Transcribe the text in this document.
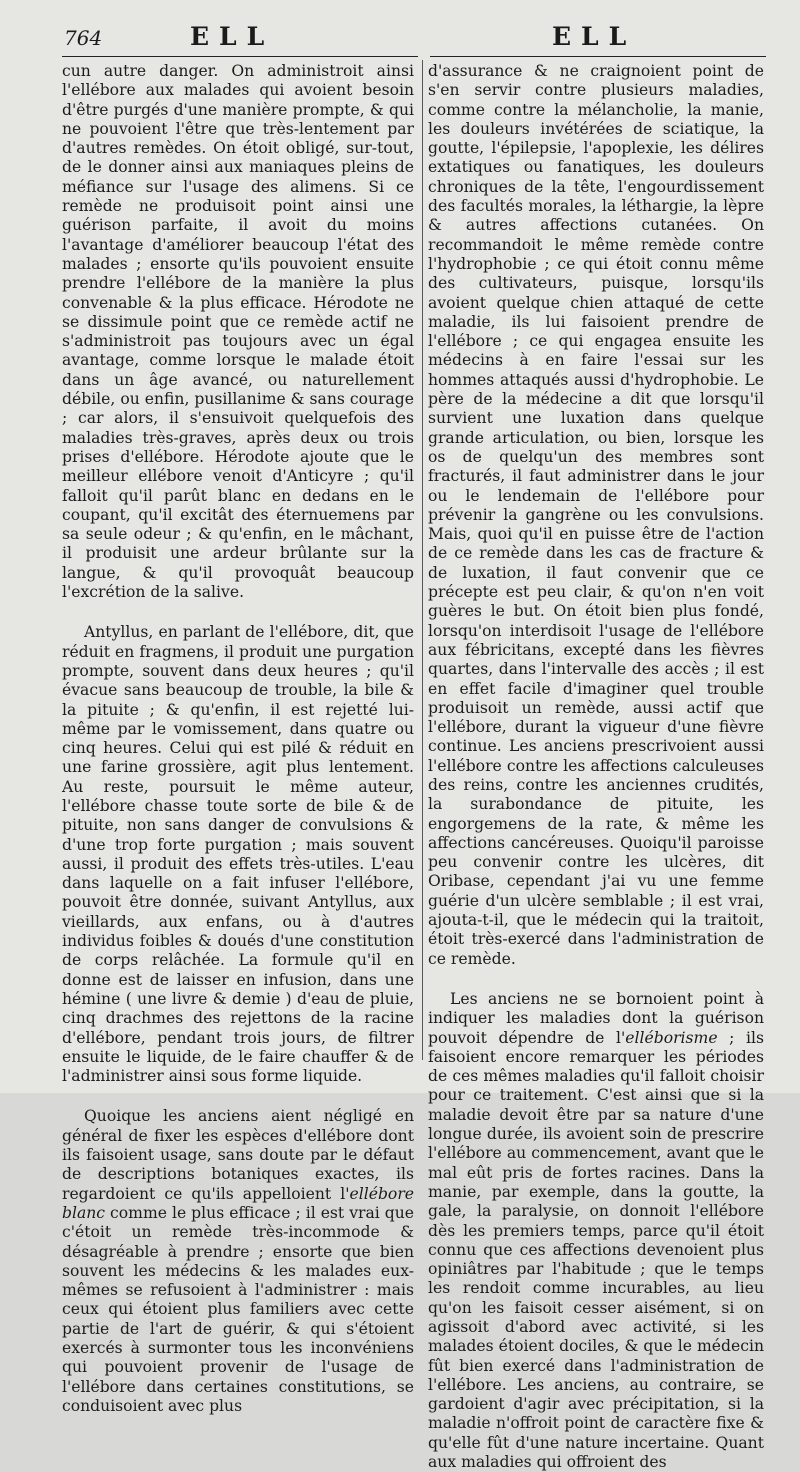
764	ELL	ELL

cun autre danger. On administroit ainsi l'ellébore aux malades qui avoient besoin d'être purgés d'une manière prompte, & qui ne pouvoient l'être que très-lentement par d'autres remèdes. On étoit obligé, sur-tout, de le donner ainsi aux maniaques pleins de méfiance sur l'usage des alimens. Si ce remède ne produisoit point ainsi une guérison parfaite, il avoit du moins l'avantage d'améliorer beaucoup l'état des malades ; ensorte qu'ils pouvoient ensuite prendre l'ellébore de la manière la plus convenable & la plus efficace. Hérodote ne se dissimule point que ce remède actif ne s'administroit pas toujours avec un égal avantage, comme lorsque le malade étoit dans un âge avancé, ou naturellement débile, ou enfin, pusillanime & sans courage ; car alors, il s'ensuivoit quelquefois des maladies très-graves, après deux ou trois prises d'ellébore. Hérodote ajoute que le meilleur ellébore venoit d'Anticyre ; qu'il falloit qu'il parût blanc en dedans en le coupant, qu'il excitât des éternuemens par sa seule odeur ; & qu'enfin, en le mâchant, il produisit une ardeur brûlante sur la langue, & qu'il provoquât beaucoup l'excrétion de la salive.

Antyllus, en parlant de l'ellébore, dit, que réduit en fragmens, il produit une purgation prompte, souvent dans deux heures ; qu'il évacue sans beaucoup de trouble, la bile & la pituite ; & qu'enfin, il est rejetté lui-même par le vomissement, dans quatre ou cinq heures. Celui qui est pilé & réduit en une farine grossière, agit plus lentement. Au reste, poursuit le même auteur, l'ellébore chasse toute sorte de bile & de pituite, non sans danger de convulsions & d'une trop forte purgation ; mais souvent aussi, il produit des effets très-utiles. L'eau dans laquelle on a fait infuser l'ellébore, pouvoit être donnée, suivant Antyllus, aux vieillards, aux enfans, ou à d'autres individus foibles & doués d'une constitution de corps relâchée. La formule qu'il en donne est de laisser en infusion, dans une hémine ( une livre & demie ) d'eau de pluie, cinq drachmes des rejettons de la racine d'ellébore, pendant trois jours, de filtrer ensuite le liquide, de le faire chauffer & de l'administrer ainsi sous forme liquide.

Quoique les anciens aient négligé en général de fixer les espèces d'ellébore dont ils faisoient usage, sans doute par le défaut de descriptions botaniques exactes, ils regardoient ce qu'ils appelloient l'ellébore blanc comme le plus efficace ; il est vrai que c'étoit un remède très-incommode & désagréable à prendre ; ensorte que bien souvent les médecins & les malades eux-mêmes se refusoient à l'administrer : mais ceux qui étoient plus familiers avec cette partie de l'art de guérir, & qui s'étoient exercés à surmonter tous les inconvéniens qui pouvoient provenir de l'usage de l'ellébore dans certaines constitutions, se conduisoient avec plus

d'assurance & ne craignoient point de s'en servir contre plusieurs maladies, comme contre la mélancholie, la manie, les douleurs invétérées de sciatique, la goutte, l'épilepsie, l'apoplexie, les délires extatiques ou fanatiques, les douleurs chroniques de la tête, l'engourdissement des facultés morales, la léthargie, la lèpre & autres affections cutanées. On recommandoit le même remède contre l'hydrophobie ; ce qui étoit connu même des cultivateurs, puisque, lorsqu'ils avoient quelque chien attaqué de cette maladie, ils lui faisoient prendre de l'ellébore ; ce qui engagea ensuite les médecins à en faire l'essai sur les hommes attaqués aussi d'hydrophobie. Le père de la médecine a dit que lorsqu'il survient une luxation dans quelque grande articulation, ou bien, lorsque les os de quelqu'un des membres sont fracturés, il faut administrer dans le jour ou le lendemain de l'ellébore pour prévenir la gangrène ou les convulsions. Mais, quoi qu'il en puisse être de l'action de ce remède dans les cas de fracture & de luxation, il faut convenir que ce précepte est peu clair, & qu'on n'en voit guères le but. On étoit bien plus fondé, lorsqu'on interdisoit l'usage de l'ellébore aux fébricitans, excepté dans les fièvres quartes, dans l'intervalle des accès ; il est en effet facile d'imaginer quel trouble produisoit un remède, aussi actif que l'ellébore, durant la vigueur d'une fièvre continue. Les anciens prescrivoient aussi l'ellébore contre les affections calculeuses des reins, contre les anciennes crudités, la surabondance de pituite, les engorgemens de la rate, & même les affections cancéreuses. Quoiqu'il paroisse peu convenir contre les ulcères, dit Oribase, cependant j'ai vu une femme guérie d'un ulcère semblable ; il est vrai, ajouta-t-il, que le médecin qui la traitoit, étoit très-exercé dans l'administration de ce remède.

Les anciens ne se bornoient point à indiquer les maladies dont la guérison pouvoit dépendre de l'elléborisme ; ils faisoient encore remarquer les périodes de ces mêmes maladies qu'il falloit choisir pour ce traitement. C'est ainsi que si la maladie devoit être par sa nature d'une longue durée, ils avoient soin de prescrire l'ellébore au commencement, avant que le mal eût pris de fortes racines. Dans la manie, par exemple, dans la goutte, la gale, la paralysie, on donnoit l'ellébore dès les premiers temps, parce qu'il étoit connu que ces affections devenoient plus opiniâtres par l'habitude ; que le temps les rendoit comme incurables, au lieu qu'on les faisoit cesser aisément, si on agissoit d'abord avec activité, si les malades étoient dociles, & que le médecin fût bien exercé dans l'administration de l'ellébore. Les anciens, au contraire, se gardoient d'agir avec précipitation, si la maladie n'offroit point de caractère fixe & qu'elle fût d'une nature incertaine. Quant aux maladies qui offroient des
